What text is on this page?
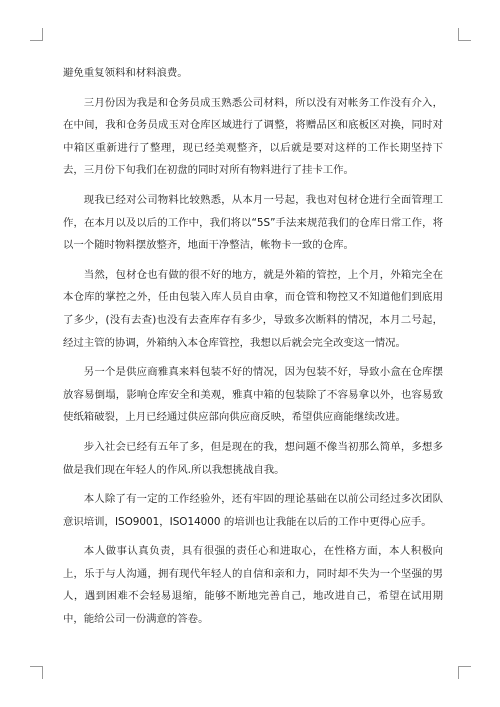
避免重复领料和材料浪费。

三月份因为我是和仓务员成玉熟悉公司材料，所以没有对帐务工作没有介入，在中间，我和仓务员成玉对仓库区域进行了调整，将赠品区和底板区对换，同时对中箱区重新进行了整理，现已经美观整齐，以后就是要对这样的工作长期坚持下去，三月份下旬我们在初盘的同时对所有物料进行了挂卡工作。

现我已经对公司物料比较熟悉，从本月一号起，我也对包材仓进行全面管理工作，在本月以及以后的工作中，我们将以“5S”手法来规范我们的仓库日常工作，将以一个随时物料摆放整齐，地面干净整洁，帐物卡一致的仓库。

当然，包材仓也有做的很不好的地方，就是外箱的管控，上个月，外箱完全在本仓库的掌控之外，任由包装入库人员自由拿，而仓管和物控又不知道他们到底用了多少，(没有去查)也没有去查库存有多少，导致多次断料的情况，本月二号起，经过主管的协调，外箱纳入本仓库管控，我想以后就会完全改变这一情况。

另一个是供应商雅真来料包装不好的情况，因为包装不好，导致小盒在仓库摆放容易倒塌，影响仓库安全和美观，雅真中箱的包装除了不容易拿以外，也容易致使纸箱破裂，上月已经通过供应部向供应商反映，希望供应商能继续改进。

步入社会已经有五年了多，但是现在的我，想问题不像当初那么简单，多想多做是我们现在年轻人的作风.所以我想挑战自我。

本人除了有一定的工作经验外，还有牢固的理论基础在以前公司经过多次团队意识培训，ISO9001，ISO14000 的培训也让我能在以后的工作中更得心应手。

本人做事认真负责，具有很强的责任心和进取心，在性格方面，本人积极向上，乐于与人沟通，拥有现代年轻人的自信和亲和力，同时却不失为一个坚强的男人，遇到困难不会轻易退缩，能够不断地完善自己，地改进自己，希望在试用期中，能给公司一份满意的答卷。
